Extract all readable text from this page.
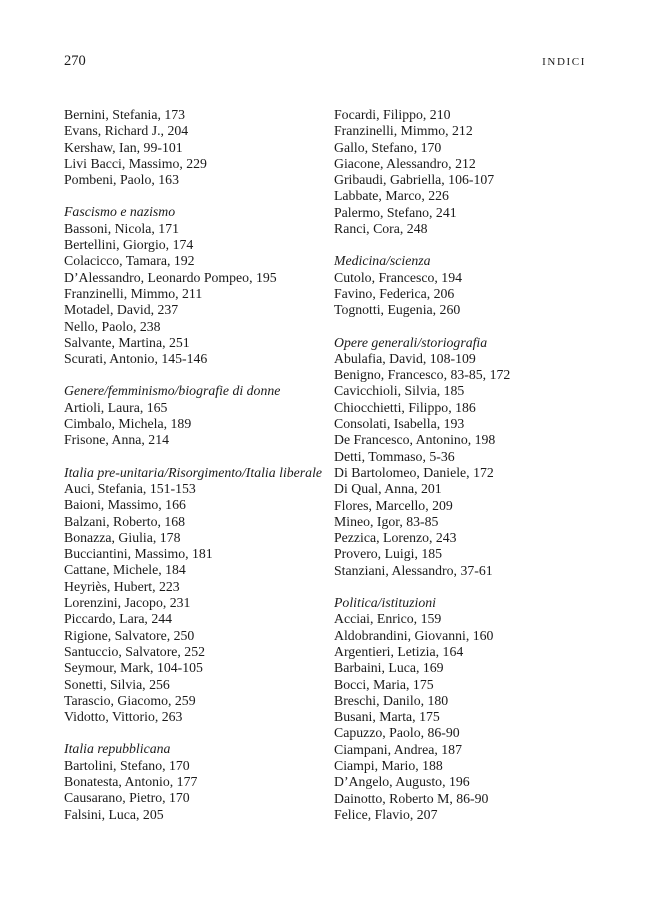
270	INDICI
Bernini, Stefania, 173
Evans, Richard J., 204
Kershaw, Ian, 99-101
Livi Bacci, Massimo, 229
Pombeni, Paolo, 163
Fascismo e nazismo
Bassoni, Nicola, 171
Bertellini, Giorgio, 174
Colacicco, Tamara, 192
D’Alessandro, Leonardo Pompeo, 195
Franzinelli, Mimmo, 211
Motadel, David, 237
Nello, Paolo, 238
Salvante, Martina, 251
Scurati, Antonio, 145-146
Genere/femminismo/biografie di donne
Artioli, Laura, 165
Cimbalo, Michela, 189
Frisone, Anna, 214
Italia pre-unitaria/Risorgimento/Italia liberale
Auci, Stefania, 151-153
Baioni, Massimo, 166
Balzani, Roberto, 168
Bonazza, Giulia, 178
Bucciantini, Massimo, 181
Cattane, Michele, 184
Heyriès, Hubert, 223
Lorenzini, Jacopo, 231
Piccardo, Lara, 244
Rigione, Salvatore, 250
Santuccio, Salvatore, 252
Seymour, Mark, 104-105
Sonetti, Silvia, 256
Tarascio, Giacomo, 259
Vidotto, Vittorio, 263
Italia repubblicana
Bartolini, Stefano, 170
Bonatesta, Antonio, 177
Causarano, Pietro, 170
Falsini, Luca, 205
Focardi, Filippo, 210
Franzinelli, Mimmo, 212
Gallo, Stefano, 170
Giacone, Alessandro, 212
Gribaudi, Gabriella, 106-107
Labbate, Marco, 226
Palermo, Stefano, 241
Ranci, Cora, 248
Medicina/scienza
Cutolo, Francesco, 194
Favino, Federica, 206
Tognotti, Eugenia, 260
Opere generali/storiografia
Abulafia, David, 108-109
Benigno, Francesco, 83-85, 172
Cavicchioli, Silvia, 185
Chiocchietti, Filippo, 186
Consolati, Isabella, 193
De Francesco, Antonino, 198
Detti, Tommaso, 5-36
Di Bartolomeo, Daniele, 172
Di Qual, Anna, 201
Flores, Marcello, 209
Mineo, Igor, 83-85
Pezzica, Lorenzo, 243
Provero, Luigi, 185
Stanziani, Alessandro, 37-61
Politica/istituzioni
Acciai, Enrico, 159
Aldobrandini, Giovanni, 160
Argentieri, Letizia, 164
Barbaini, Luca, 169
Bocci, Maria, 175
Breschi, Danilo, 180
Busani, Marta, 175
Capuzzo, Paolo, 86-90
Ciampani, Andrea, 187
Ciampi, Mario, 188
D’Angelo, Augusto, 196
Dainotto, Roberto M, 86-90
Felice, Flavio, 207
